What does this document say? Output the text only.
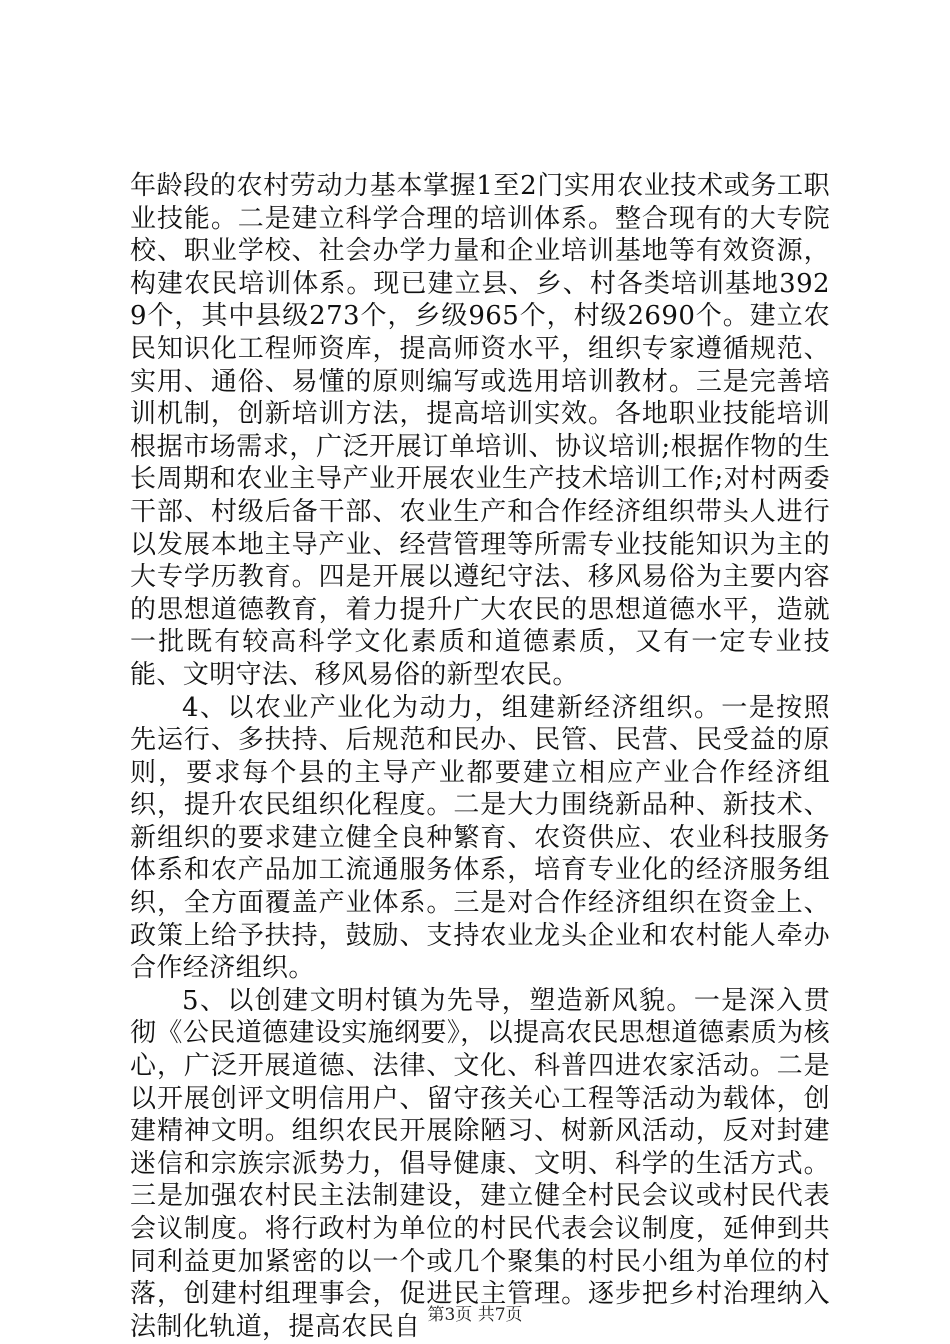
年龄段的农村劳动力基本掌握1至2门实用农业技术或务工职业技能。二是建立科学合理的培训体系。整合现有的大专院校、职业学校、社会办学力量和企业培训基地等有效资源，构建农民培训体系。现已建立县、乡、村各类培训基地3929个，其中县级273个，乡级965个，村级2690个。建立农民知识化工程师资库，提高师资水平，组织专家遵循规范、实用、通俗、易懂的原则编写或选用培训教材。三是完善培训机制，创新培训方法，提高培训实效。各地职业技能培训根据市场需求，广泛开展订单培训、协议培训;根据作物的生长周期和农业主导产业开展农业生产技术培训工作;对村两委干部、村级后备干部、农业生产和合作经济组织带头人进行以发展本地主导产业、经营管理等所需专业技能知识为主的大专学历教育。四是开展以遵纪守法、移风易俗为主要内容的思想道德教育，着力提升广大农民的思想道德水平，造就一批既有较高科学文化素质和道德素质，又有一定专业技能、文明守法、移风易俗的新型农民。

4、以农业产业化为动力，组建新经济组织。一是按照先运行、多扶持、后规范和民办、民管、民营、民受益的原则，要求每个县的主导产业都要建立相应产业合作经济组织，提升农民组织化程度。二是大力围绕新品种、新技术、新组织的要求建立健全良种繁育、农资供应、农业科技服务体系和农产品加工流通服务体系，培育专业化的经济服务组织，全方面覆盖产业体系。三是对合作经济组织在资金上、政策上给予扶持，鼓励、支持农业龙头企业和农村能人牵办合作经济组织。

5、以创建文明村镇为先导，塑造新风貌。一是深入贯彻《公民道德建设实施纲要》，以提高农民思想道德素质为核心，广泛开展道德、法律、文化、科普四进农家活动。二是以开展创评文明信用户、留守孩关心工程等活动为载体，创建精神文明。组织农民开展除陋习、树新风活动，反对封建迷信和宗族宗派势力，倡导健康、文明、科学的生活方式。三是加强农村民主法制建设，建立健全村民会议或村民代表会议制度。将行政村为单位的村民代表会议制度，延伸到共同利益更加紧密的以一个或几个聚集的村民小组为单位的村落，创建村组理事会，促进民主管理。逐步把乡村治理纳入法制化轨道，提高农民自 第3页 共7页
